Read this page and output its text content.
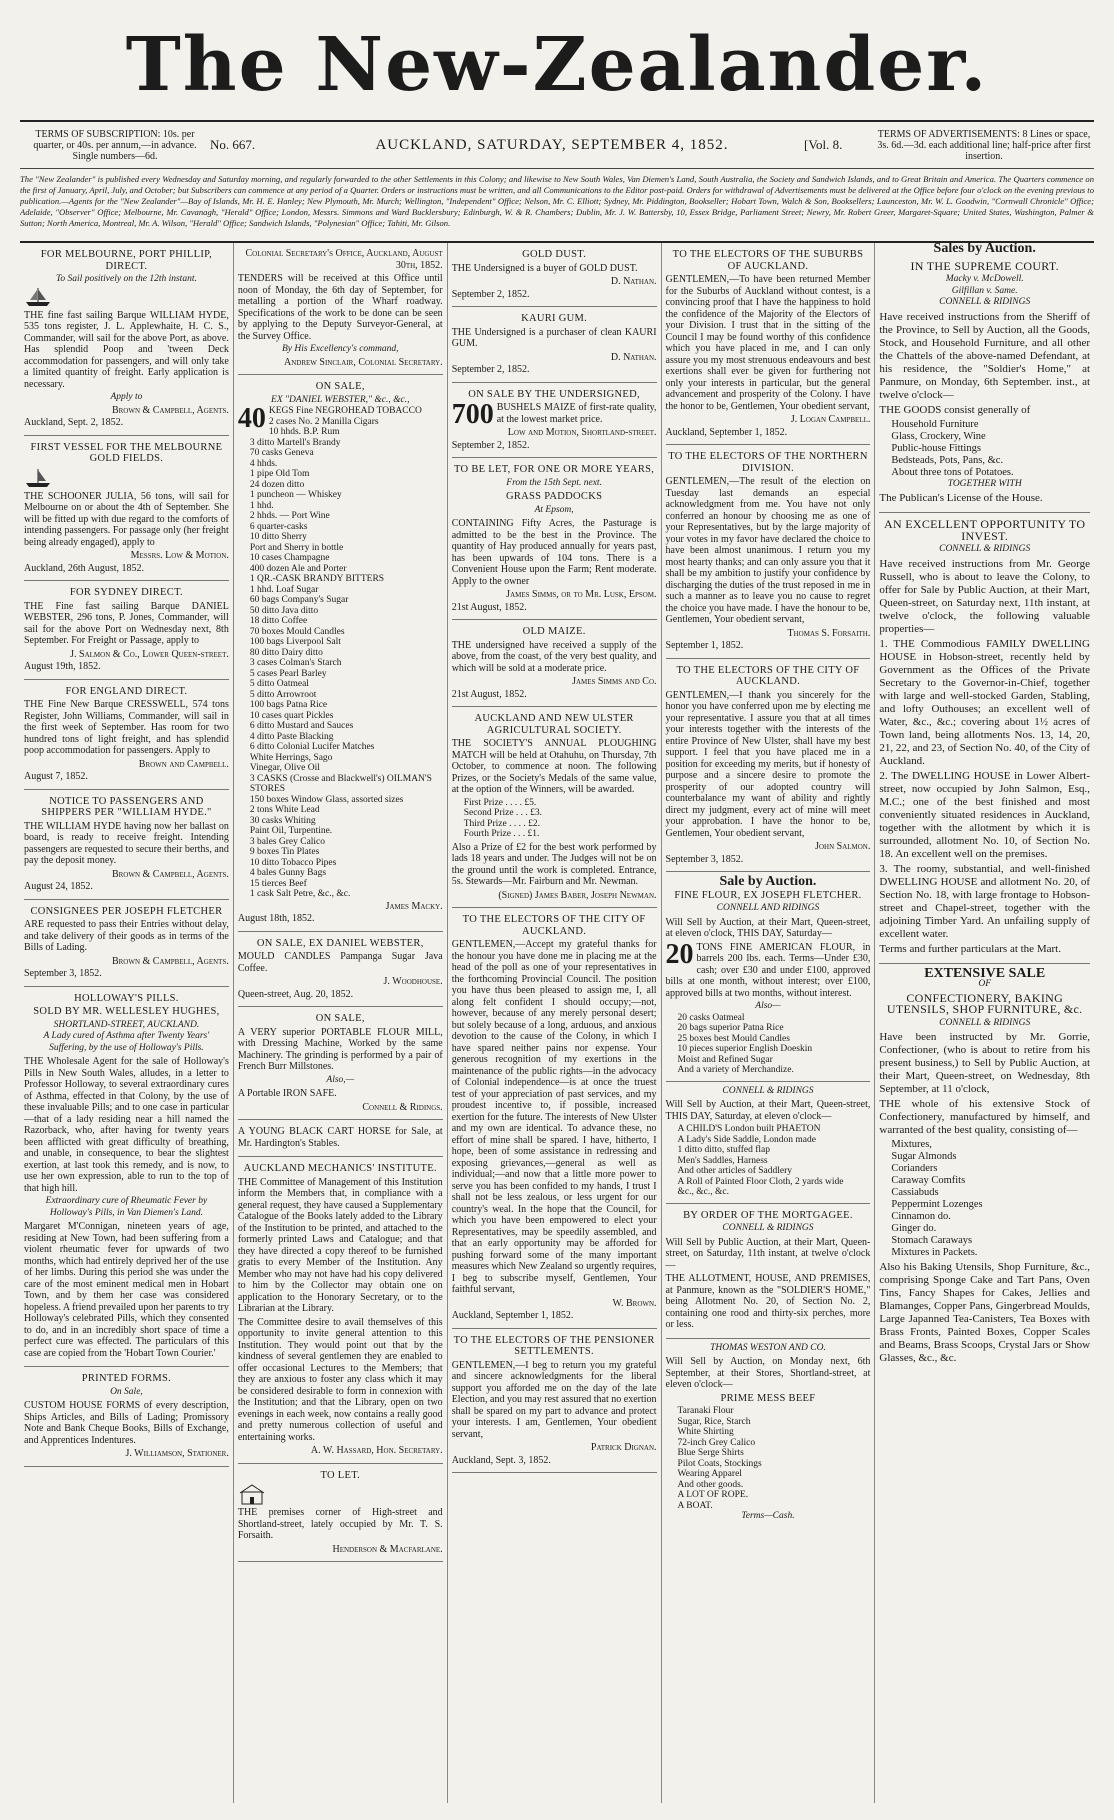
The New-Zealander.
TERMS OF SUBSCRIPTION: 10s. per quarter, or 40s. per annum,—in advance. Single numbers—6d.
No. 667.	AUCKLAND, SATURDAY, SEPTEMBER 4, 1852.	[Vol. 8.
TERMS OF ADVERTISEMENTS: 8 Lines or space, 3s. 6d.—3d. each additional line; half-price after first insertion.
The "New Zealander" is published every Wednesday and Saturday morning, and regularly forwarded to the other Settlements in this Colony; and likewise to New South Wales, Van Diemen's Land, South Australia, the Society and Sandwich Islands, and to Great Britain and America. The Quarters commence on the first of January, April, July, and October; but Subscribers can commence at any period of a Quarter. Orders or instructions must be written, and all Communications to the Editor post-paid. Orders for withdrawal of Advertisements must be delivered at the Office before four o'clock on the evening previous to publication.—Agents for the "New Zealander"—Bay of Islands, Mr. H. E. Hanley; New Plymouth, Mr. Murch; Wellington, "Independent" Office; Nelson, Mr. C. Elliott; Sydney, Mr. Piddington, Bookseller; Hobart Town, Walch & Son, Booksellers; Launceston, Mr. W. L. Goodwin, "Cornwall Chronicle" Office; Adelaide, "Observer" Office; Melbourne, Mr. Cavanagh, "Herald" Office; London, Messrs. Simmons and Ward Bucklersbury; Edinburgh, W. & R. Chambers; Dublin, Mr. J. W. Battersby, 10, Essex Bridge, Parliament Street; Newry, Mr. Robert Greer, Margaret-Square; United States, Washington, Palmer & Sutton; North America, Montreal, Mr. A. Wilson, "Herald" Office; Sandwich Islands, "Polynesian" Office; Tahiti, Mr. Gilson.
FOR MELBOURNE, PORT PHILLIP, DIRECT.
To Sail positively on the 12th instant.
THE fine fast sailing Barque WILLIAM HYDE, 535 tons register, J. L. Applewhaite, H. C. S., Commander, will sail for the above Port, as above. Has splendid Poop and 'tween Deck accommodation for passengers, and will only take a limited quantity of freight. Early application is necessary.
Apply to
Brown & Campbell, Agents.
Auckland, Sept. 2, 1852.
FIRST VESSEL FOR THE MELBOURNE GOLD FIELDS.
THE SCHOONER JULIA, 56 tons, will sail for Melbourne on or about the 4th of September. She will be fitted up with due regard to the comforts of intending passengers. For passage only (her freight being already engaged), apply to
Messrs. Low & Motion.
Auckland, 26th August, 1852.
FOR SYDNEY DIRECT.
THE Fine fast sailing Barque DANIEL WEBSTER, 296 tons, P. Jones, Commander, will sail for the above Port on Wednesday next, 8th September. For Freight or Passage, apply to
J. Salmon & Co., Lower Queen-street.
August 19th, 1852.
FOR ENGLAND DIRECT.
THE Fine New Barque CRESSWELL, 574 tons Register, John Williams, Commander, will sail in the first week of September. Has room for two hundred tons of light freight, and has splendid poop accommodation for passengers. Apply to
Brown and Campbell.
August 7, 1852.
NOTICE TO PASSENGERS AND SHIPPERS PER "WILLIAM HYDE."
THE WILLIAM HYDE having now her ballast on board, is ready to receive freight. Intending passengers are requested to secure their berths, and pay the deposit money.
Brown & Campbell, Agents.
August 24, 1852.
CONSIGNEES PER JOSEPH FLETCHER
ARE requested to pass their Entries without delay, and take delivery of their goods as in terms of the Bills of Lading.
Brown & Campbell, Agents.
September 3, 1852.
HOLLOWAY'S PILLS.
SOLD BY MR. WELLESLEY HUGHES,
SHORTLAND-STREET, AUCKLAND.
A Lady cured of Asthma after Twenty Years' Suffering, by the use of Holloway's Pills.
THE Wholesale Agent for the sale of Holloway's Pills in New South Wales, alludes, in a letter to Professor Holloway, to several extraordinary cures of Asthma, effected in that Colony, by the use of these invaluable Pills; and to one case in particular—that of a lady residing near a hill named the Razorback, who, after having for twenty years been afflicted with great difficulty of breathing, and unable, in consequence, to bear the slightest exertion, at last took this remedy, and is now, to use her own expression, able to run to the top of that high hill.
Extraordinary cure of Rheumatic Fever by Holloway's Pills, in Van Diemen's Land.
Margaret M'Connigan, nineteen years of age, residing at New Town, had been suffering from a violent rheumatic fever for upwards of two months, which had entirely deprived her of the use of her limbs. During this period she was under the care of the most eminent medical men in Hobart Town, and by them her case was considered hopeless. A friend prevailed upon her parents to try Holloway's celebrated Pills, which they consented to do, and in an incredibly short space of time a perfect cure was effected. The particulars of this case are copied from the 'Hobart Town Courier.'
PRINTED FORMS.
On Sale,
CUSTOM HOUSE FORMS of every description, Ships Articles, and Bills of Lading; Promissory Note and Bank Cheque Books, Bills of Exchange, and Apprentices Indentures.
J. Williamson, Stationer.
Colonial Secretary's Office, Auckland, August 30th, 1852.
TENDERS will be received at this Office until noon of Monday, the 6th day of September, for metalling a portion of the Wharf roadway. Specifications of the work to be done can be seen by applying to the Deputy Surveyor-General, at the Survey Office.
By His Excellency's command,
Andrew Sinclair, Colonial Secretary.
ON SALE,
EX "DANIEL WEBSTER," &c., &c.,
40 KEGS Fine NEGROHEAD TOBACCO
2 cases No. 2 Manilla Cigars
10 hhds. B.P. Rum
3 ditto Martell's Brandy
70 casks Geneva
4 hhds.
1 pipe Old Tom
24 dozen ditto
1 puncheon — Whiskey
1 hhd.
2 hhds. — Port Wine
6 quarter-casks
10 ditto Sherry
Port and Sherry in bottle
10 cases Champagne
400 dozen Ale and Porter
1 QR.-CASK BRANDY BITTERS
1 hhd. Loaf Sugar
60 bags Company's Sugar
50 ditto Java ditto
18 ditto Coffee
70 boxes Mould Candles
100 bags Liverpool Salt
80 ditto Dairy ditto
3 cases Colman's Starch
5 cases Pearl Barley
5 ditto Oatmeal
5 ditto Arrowroot
100 bags Patna Rice
10 cases quart Pickles
6 ditto Mustard and Sauces
4 ditto Paste Blacking
6 ditto Colonial Lucifer Matches
White Herrings, Sago
Vinegar, Olive Oil
3 CASKS (Crosse and Blackwell's) OILMAN'S STORES
150 boxes Window Glass, assorted sizes
2 tons White Lead
30 casks Whiting
Paint Oil, Turpentine.
3 bales Grey Calico
9 boxes Tin Plates
10 ditto Tobacco Pipes
4 bales Gunny Bags
15 tierces Beef
1 cask Salt Petre, &c., &c.
James Macky.
August 18th, 1852.
ON SALE, EX DANIEL WEBSTER,
MOULD CANDLES Pampanga Sugar Java Coffee.
J. Woodhouse.
Queen-street, Aug. 20, 1852.
ON SALE,
A VERY superior PORTABLE FLOUR MILL, with Dressing Machine, Worked by the same Machinery. The grinding is performed by a pair of French Burr Millstones.
Also,—
A Portable IRON SAFE.
Connell & Ridings.
A YOUNG BLACK CART HORSE for Sale, at Mr. Hardington's Stables.
AUCKLAND MECHANICS' INSTITUTE.
THE Committee of Management of this Institution inform the Members that, in compliance with a general request, they have caused a Supplementary Catalogue of the Books lately added to the Library of the Institution to be printed, and attached to the formerly printed Laws and Catalogue; and that they have directed a copy thereof to be furnished gratis to every Member of the Institution. Any Member who may not have had his copy delivered to him by the Collector may obtain one on application to the Honorary Secretary, or to the Librarian at the Library.
The Committee desire to avail themselves of this opportunity to invite general attention to this Institution. They would point out that by the kindness of several gentlemen they are enabled to offer occasional Lectures to the Members; that they are anxious to foster any class which it may be considered desirable to form in connexion with the Institution; and that the Library, open on two evenings in each week, now contains a really good and pretty numerous collection of useful and entertaining works.
A. W. Hassard, Hon. Secretary.
TO LET.
THE premises corner of High-street and Shortland-street, lately occupied by Mr. T. S. Forsaith.
Henderson & Macfarlane.
GOLD DUST.
THE Undersigned is a buyer of GOLD DUST.
D. Nathan.
September 2, 1852.
KAURI GUM.
THE Undersigned is a purchaser of clean KAURI GUM.
D. Nathan.
September 2, 1852.
ON SALE BY THE UNDERSIGNED,
700 BUSHELS MAIZE of first-rate quality, at the lowest market price.
Low and Motion, Shortland-street.
September 2, 1852.
TO BE LET, FOR ONE OR MORE YEARS,
From the 15th Sept. next.
GRASS PADDOCKS
At Epsom,
CONTAINING Fifty Acres, the Pasturage is admitted to be the best in the Province. The quantity of Hay produced annually for years past, has been upwards of 104 tons. There is a Convenient House upon the Farm; Rent moderate. Apply to the owner
James Simms, or to Mr. Lusk, Epsom.
21st August, 1852.
OLD MAIZE.
THE undersigned have received a supply of the above, from the coast, of the very best quality, and which will be sold at a moderate price.
James Simms and Co.
21st August, 1852.
AUCKLAND AND NEW ULSTER AGRICULTURAL SOCIETY.
THE SOCIETY'S ANNUAL PLOUGHING MATCH will be held at Otahuhu, on Thursday, 7th October, to commence at noon. The following Prizes, or the Society's Medals of the same value, at the option of the Winners, will be awarded.
First Prize . . . . £5.
Second Prize . . . £3.
Third Prize . . . . £2.
Fourth Prize . . . £1.
Also a Prize of £2 for the best work performed by lads 18 years and under. The Judges will not be on the ground until the work is completed. Entrance, 5s. Stewards—Mr. Fairburn and Mr. Newman.
(Signed) James Baber, Joseph Newman.
TO THE ELECTORS OF THE CITY OF AUCKLAND.
GENTLEMEN,—Accept my grateful thanks for the honour you have done me in placing me at the head of the poll as one of your representatives in the forthcoming Provincial Council. The position you have thus been pleased to assign me, I, all along felt confident I should occupy;—not, however, because of any merely personal desert; but solely because of a long, arduous, and anxious devotion to the cause of the Colony, in which I have spared neither pains nor expense. Your generous recognition of my exertions in the maintenance of the public rights—in the advocacy of Colonial independence—is at once the truest test of your appreciation of past services, and my proudest incentive to, if possible, increased exertion for the future. The interests of New Ulster and my own are identical. To advance these, no effort of mine shall be spared. I have, hitherto, I hope, been of some assistance in redressing and exposing grievances,—general as well as individual;—and now that a little more power to serve you has been confided to my hands, I trust I shall not be less zealous, or less urgent for our country's weal. In the hope that the Council, for which you have been empowered to elect your Representatives, may be speedily assembled, and that an early opportunity may be afforded for pushing forward some of the many important measures which New Zealand so urgently requires, I beg to subscribe myself, Gentlemen, Your faithful servant,
W. Brown.
Auckland, September 1, 1852.
TO THE ELECTORS OF THE PENSIONER SETTLEMENTS.
GENTLEMEN,—I beg to return you my grateful and sincere acknowledgments for the liberal support you afforded me on the day of the late Election, and you may rest assured that no exertion shall be spared on my part to advance and protect your interests. I am, Gentlemen, Your obedient servant,
Patrick Dignan.
Auckland, Sept. 3, 1852.
TO THE ELECTORS OF THE SUBURBS OF AUCKLAND.
GENTLEMEN,—To have been returned Member for the Suburbs of Auckland without contest, is a convincing proof that I have the happiness to hold the confidence of the Majority of the Electors of your Division. I trust that in the sitting of the Council I may be found worthy of this confidence which you have placed in me, and I can only assure you my most strenuous endeavours and best exertions shall ever be given for furthering not only your interests in particular, but the general advancement and prosperity of the Colony. I have the honor to be, Gentlemen, Your obedient servant,
J. Logan Campbell.
Auckland, September 1, 1852.
TO THE ELECTORS OF THE NORTHERN DIVISION.
GENTLEMEN,—The result of the election on Tuesday last demands an especial acknowledgment from me. You have not only conferred an honour by choosing me as one of your Representatives, but by the large majority of your votes in my favor have declared the choice to have been almost unanimous. I return you my most hearty thanks; and can only assure you that it shall be my ambition to justify your confidence by discharging the duties of the trust reposed in me in such a manner as to leave you no cause to regret the choice you have made. I have the honour to be, Gentlemen, Your obedient servant,
Thomas S. Forsaith.
September 1, 1852.
TO THE ELECTORS OF THE CITY OF AUCKLAND.
GENTLEMEN,—I thank you sincerely for the honor you have conferred upon me by electing me your representative. I assure you that at all times your interests together with the interests of the entire Province of New Ulster, shall have my best support. I feel that you have placed me in a position for exceeding my merits, but if honesty of purpose and a sincere desire to promote the prosperity of our adopted country will counterbalance my want of ability and rightly direct my judgment, every act of mine will meet your approbation. I have the honor to be, Gentlemen, Your obedient servant,
John Salmon.
September 3, 1852.
Sale by Auction.
FINE FLOUR, EX JOSEPH FLETCHER.
CONNELL AND RIDINGS
Will Sell by Auction, at their Mart, Queen-street, at eleven o'clock, THIS DAY, Saturday—
20 TONS FINE AMERICAN FLOUR, in barrels 200 lbs. each. Terms—Under £30, cash; over £30 and under £100, approved bills at one month, without interest; over £100, approved bills at two months, without interest.
Also—
20 casks Oatmeal
20 bags superior Patna Rice
25 boxes best Mould Candles
10 pieces superior English Doeskin
Moist and Refined Sugar
And a variety of Merchandize.
CONNELL & RIDINGS
Will Sell by Auction, at their Mart, Queen-street, THIS DAY, Saturday, at eleven o'clock—
A CHILD'S London built PHAETON
A Lady's Side Saddle, London made
1 ditto ditto, stuffed flap
Men's Saddles, Harness
And other articles of Saddlery
A Roll of Painted Floor Cloth, 2 yards wide
&c., &c., &c.
BY ORDER OF THE MORTGAGEE.
CONNELL & RIDINGS
Will Sell by Public Auction, at their Mart, Queen-street, on Saturday, 11th instant, at twelve o'clock—
THE ALLOTMENT, HOUSE, AND PREMISES, at Panmure, known as the "SOLDIER'S HOME," being Allotment No. 20, of Section No. 2, containing one rood and thirty-six perches, more or less.
THOMAS WESTON AND CO.
Will Sell by Auction, on Monday next, 6th September, at their Stores, Shortland-street, at eleven o'clock—
PRIME MESS BEEF
Taranaki Flour
Sugar, Rice, Starch
White Shirting
72-inch Grey Calico
Blue Serge Shirts
Pilot Coats, Stockings
Wearing Apparel
And other goods.
A LOT OF ROPE.
A BOAT.
Terms—Cash.
Sales by Auction.
IN THE SUPREME COURT.
Macky v. McDowell.
Gilfillan v. Same.
CONNELL & RIDINGS
Have received instructions from the Sheriff of the Province, to Sell by Auction, all the Goods, Stock, and Household Furniture, and all other the Chattels of the above-named Defendant, at his residence, the "Soldier's Home," at Panmure, on Monday, 6th September. inst., at twelve o'clock—
THE GOODS consist generally of
Household Furniture
Glass, Crockery, Wine
Public-house Fittings
Bedsteads, Pots, Pans, &c.
About three tons of Potatoes.
TOGETHER WITH
The Publican's License of the House.
AN EXCELLENT OPPORTUNITY TO INVEST.
CONNELL & RIDINGS
Have received instructions from Mr. George Russell, who is about to leave the Colony, to offer for Sale by Public Auction, at their Mart, Queen-street, on Saturday next, 11th instant, at twelve o'clock, the following valuable properties—
1. THE Commodious FAMILY DWELLING HOUSE in Hobson-street, recently held by Government as the Offices of the Private Secretary to the Governor-in-Chief, together with large and well-stocked Garden, Stabling, and lofty Outhouses; an excellent well of Water, &c., &c.; covering about 1½ acres of Town land, being allotments Nos. 13, 14, 20, 21, 22, and 23, of Section No. 40, of the City of Auckland.
2. The DWELLING HOUSE in Lower Albert-street, now occupied by John Salmon, Esq., M.C.; one of the best finished and most conveniently situated residences in Auckland, together with the allotment by which it is surrounded, allotment No. 10, of Section No. 18. An excellent well on the premises.
3. The roomy, substantial, and well-finished DWELLING HOUSE and allotment No. 20, of Section No. 18, with large frontage to Hobson-street and Chapel-street, together with the adjoining Timber Yard. An unfailing supply of excellent water.
Terms and further particulars at the Mart.
EXTENSIVE SALE
OF
CONFECTIONERY, BAKING UTENSILS, SHOP FURNITURE, &c.
CONNELL & RIDINGS
Have been instructed by Mr. Gorrie, Confectioner, (who is about to retire from his present business,) to Sell by Public Auction, at their Mart, Queen-street, on Wednesday, 8th September, at 11 o'clock,
THE whole of his extensive Stock of Confectionery, manufactured by himself, and warranted of the best quality, consisting of—
Mixtures,
Sugar Almonds
Corianders
Caraway Comfits
Cassiabuds
Peppermint Lozenges
Cinnamon do.
Ginger do.
Stomach Caraways
Mixtures in Packets.
Also his Baking Utensils, Shop Furniture, &c., comprising Sponge Cake and Tart Pans, Oven Tins, Fancy Shapes for Cakes, Jellies and Blamanges, Copper Pans, Gingerbread Moulds, Large Japanned Tea-Canisters, Tea Boxes with Brass Fronts, Painted Boxes, Copper Scales and Beams, Brass Scoops, Crystal Jars or Show Glasses, &c., &c.
